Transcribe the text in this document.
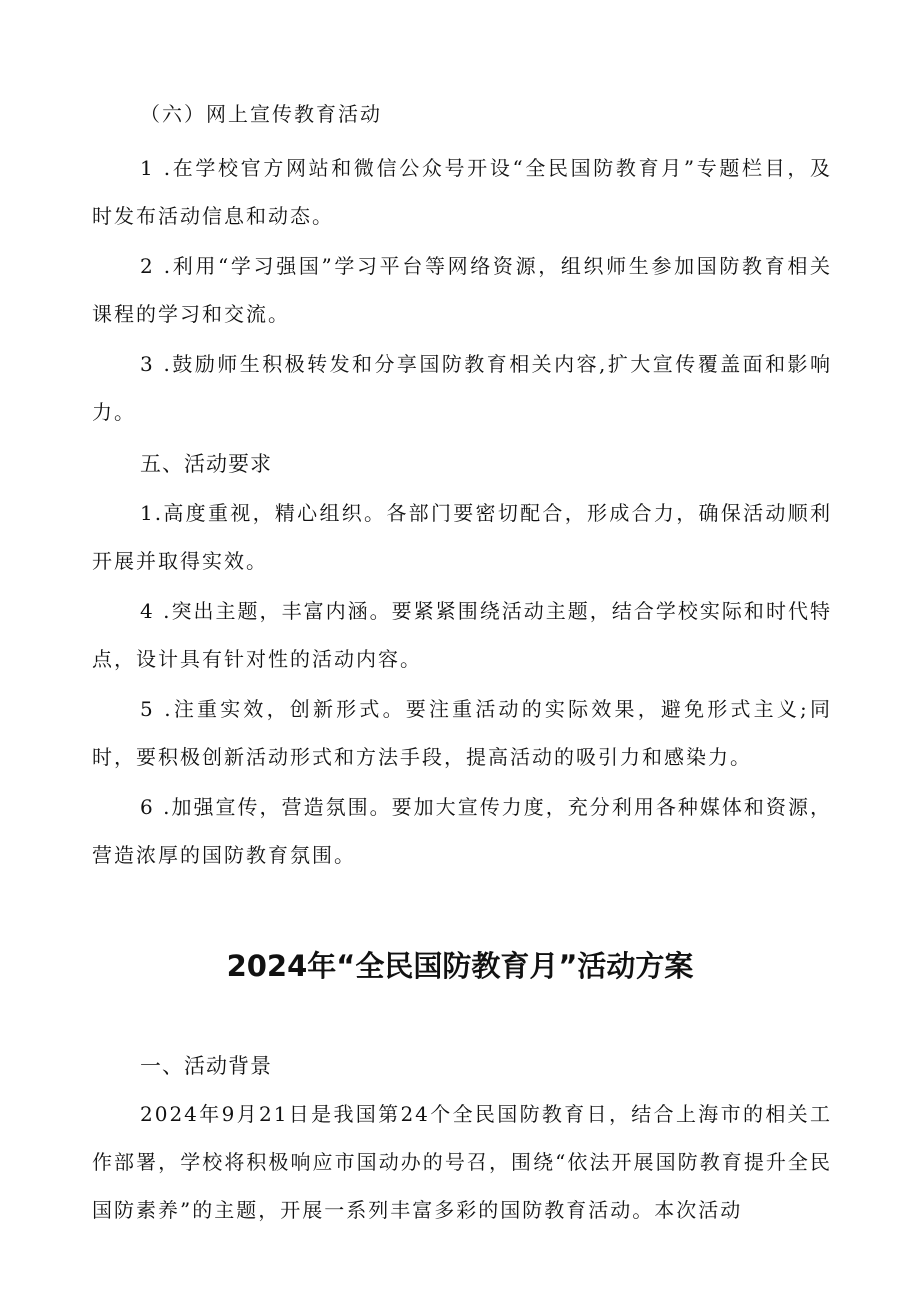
（六）网上宣传教育活动

1 .在学校官方网站和微信公众号开设“全民国防教育月”专题栏目，及时发布活动信息和动态。

2 .利用“学习强国”学习平台等网络资源，组织师生参加国防教育相关课程的学习和交流。

3 .鼓励师生积极转发和分享国防教育相关内容,扩大宣传覆盖面和影响力。

五、活动要求

1.高度重视，精心组织。各部门要密切配合，形成合力，确保活动顺利开展并取得实效。

4 .突出主题，丰富内涵。要紧紧围绕活动主题，结合学校实际和时代特点，设计具有针对性的活动内容。

5 .注重实效，创新形式。要注重活动的实际效果，避免形式主义;同时，要积极创新活动形式和方法手段，提高活动的吸引力和感染力。

6 .加强宣传，营造氛围。要加大宣传力度，充分利用各种媒体和资源，营造浓厚的国防教育氛围。

2024年“全民国防教育月”活动方案

一、活动背景

2024年9月21日是我国第24个全民国防教育日，结合上海市的相关工作部署，学校将积极响应市国动办的号召，围绕“依法开展国防教育提升全民国防素养”的主题，开展一系列丰富多彩的国防教育活动。本次活动
